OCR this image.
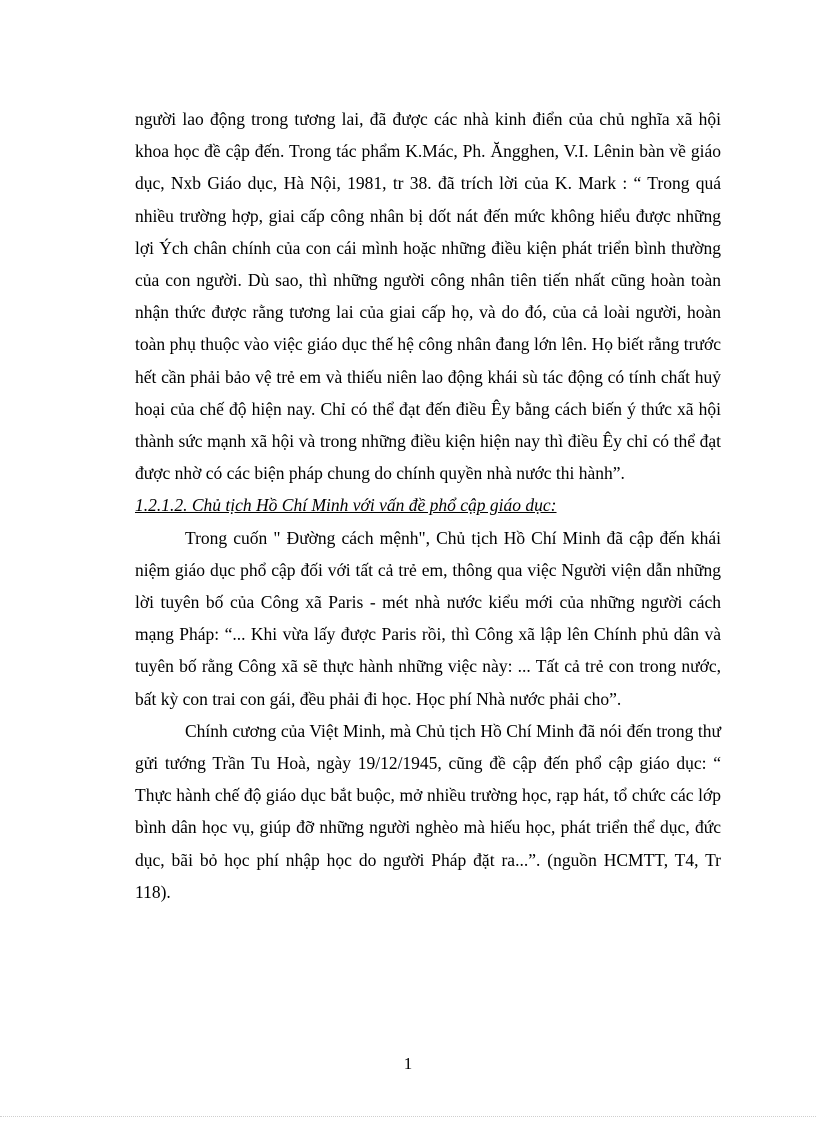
người lao động trong tương lai, đã được các nhà kinh điển của chủ nghĩa xã hội khoa học đề cập đến. Trong tác phẩm K.Mác, Ph. Ăngghen, V.I. Lênin bàn về giáo dục, Nxb Giáo dục, Hà Nội, 1981, tr 38. đã trích lời của K. Mark : “ Trong quá nhiều trường hợp, giai cấp công nhân bị dốt nát đến mức không hiểu được những lợi Ých chân chính của con cái mình hoặc những điều kiện phát triển bình thường của con người. Dù sao, thì những người công nhân tiên tiến nhất cũng hoàn toàn nhận thức được rằng tương lai của giai cấp họ, và do đó, của cả loài người, hoàn toàn phụ thuộc vào việc giáo dục thế hệ công nhân đang lớn lên. Họ biết rằng trước hết cần phải bảo vệ trẻ em và thiếu niên lao động khái sù tác động có tính chất huỷ hoại của chế độ hiện nay. Chỉ có thể đạt đến điều Êy bằng cách biến ý thức xã hội thành sức mạnh xã hội và trong những điều kiện hiện nay thì điều Êy chỉ có thể đạt được nhờ có các biện pháp chung do chính quyền nhà nước thi hành”.

1.2.1.2. Chủ tịch Hồ Chí Minh với vấn đề phổ cập giáo dục:

Trong cuốn " Đường cách mệnh", Chủ tịch Hồ Chí Minh đã cập đến khái niệm giáo dục phổ cập đối với tất cả trẻ em, thông qua việc Người viện dẫn những lời tuyên bố của Công xã Paris - mét nhà nước kiểu mới của những người cách mạng Pháp: “... Khi vừa lấy được Paris rồi, thì Công xã lập lên Chính phủ dân và tuyên bố rằng Công xã sẽ thực hành những việc này: ... Tất cả trẻ con trong nước, bất kỳ con trai con gái, đều phải đi học. Học phí Nhà nước phải cho”.

Chính cương của Việt Minh, mà Chủ tịch Hồ Chí Minh đã nói đến trong thư gửi tướng Trần Tu Hoà, ngày 19/12/1945, cũng đề cập đến phổ cập giáo dục: “ Thực hành chế độ giáo dục bắt buộc, mở nhiều trường học, rạp hát, tổ chức các lớp bình dân học vụ, giúp đỡ những người nghèo mà hiếu học, phát triển thể dục, đức dục, bãi bỏ học phí nhập học do người Pháp đặt ra...”. (nguồn HCMTT, T4, Tr 118).

1
